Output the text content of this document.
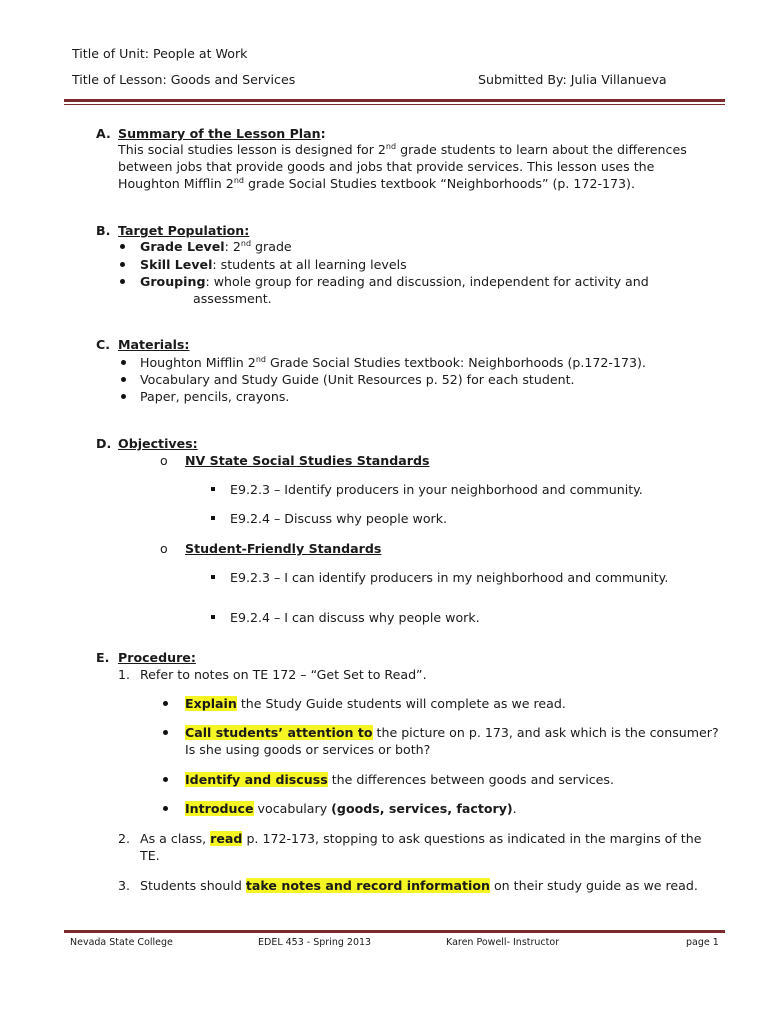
Title of Unit: People at Work
Title of Lesson: Goods and Services	Submitted By: Julia Villanueva
A. Summary of the Lesson Plan:
This social studies lesson is designed for 2nd grade students to learn about the differences
between jobs that provide goods and jobs that provide services. This lesson uses the
Houghton Mifflin 2nd grade Social Studies textbook “Neighborhoods” (p. 172-173).
B. Target Population:
Grade Level: 2nd grade
Skill Level: students at all learning levels
Grouping: whole group for reading and discussion, independent for activity and
assessment.
C. Materials:
Houghton Mifflin 2nd Grade Social Studies textbook: Neighborhoods (p.172-173).
Vocabulary and Study Guide (Unit Resources p. 52) for each student.
Paper, pencils, crayons.
D. Objectives:
o NV State Social Studies Standards
E9.2.3 – Identify producers in your neighborhood and community.
E9.2.4 – Discuss why people work.
o Student-Friendly Standards
E9.2.3 – I can identify producers in my neighborhood and community.
E9.2.4 – I can discuss why people work.
E. Procedure:
1. Refer to notes on TE 172 – “Get Set to Read”.
Explain the Study Guide students will complete as we read.
Call students’ attention to the picture on p. 173, and ask which is the consumer?
Is she using goods or services or both?
Identify and discuss the differences between goods and services.
Introduce vocabulary (goods, services, factory).
2. As a class, read p. 172-173, stopping to ask questions as indicated in the margins of the
TE.
3. Students should take notes and record information on their study guide as we read.
Nevada State College	EDEL 453 - Spring 2013	Karen Powell- Instructor	page 1
